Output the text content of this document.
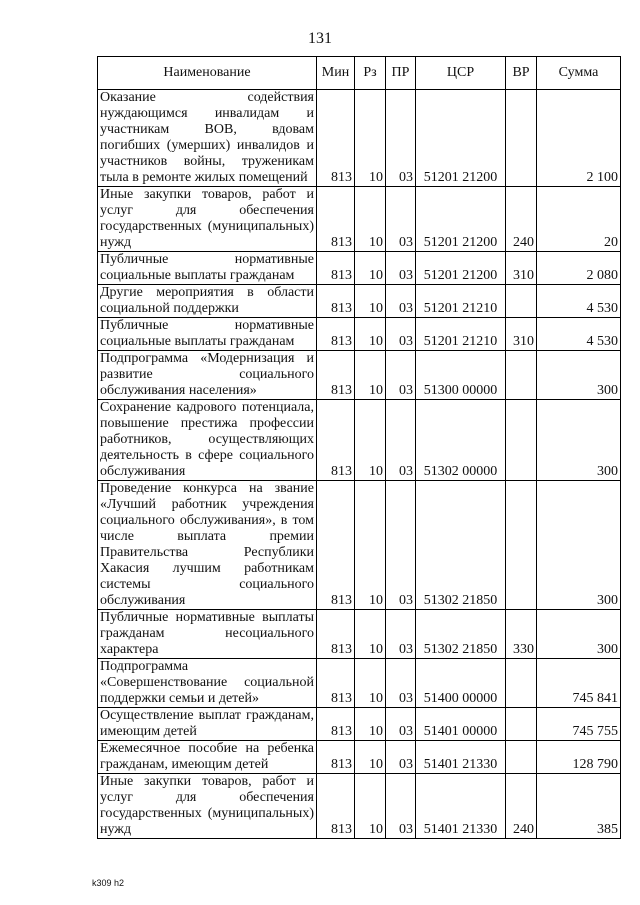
131
Наименование	Мин	Рз	ПР	ЦСР	ВР	Сумма
Оказание содействия нуждающимся инвалидам и участникам ВОВ, вдовам погибших (умерших) инвалидов и участников войны, труженикам тыла в ремонте жилых помещений	813	10	03	51201 21200		2 100
Иные закупки товаров, работ и услуг для обеспечения государственных (муниципальных) нужд	813	10	03	51201 21200	240	20
Публичные нормативные социальные выплаты гражданам	813	10	03	51201 21200	310	2 080
Другие мероприятия в области социальной поддержки	813	10	03	51201 21210		4 530
Публичные нормативные социальные выплаты гражданам	813	10	03	51201 21210	310	4 530
Подпрограмма «Модернизация и развитие социального обслуживания населения»	813	10	03	51300 00000		300
Сохранение кадрового потенциала, повышение престижа профессии работников, осуществляющих деятельность в сфере социального обслуживания	813	10	03	51302 00000		300
Проведение конкурса на звание «Лучший работник учреждения социального обслуживания», в том числе выплата премии Правительства Республики Хакасия лучшим работникам системы социального обслуживания	813	10	03	51302 21850		300
Публичные нормативные выплаты гражданам несоциального характера	813	10	03	51302 21850	330	300
Подпрограмма «Совершенствование социальной поддержки семьи и детей»	813	10	03	51400 00000		745 841
Осуществление выплат гражданам, имеющим детей	813	10	03	51401 00000		745 755
Ежемесячное пособие на ребенка гражданам, имеющим детей	813	10	03	51401 21330		128 790
Иные закупки товаров, работ и услуг для обеспечения государственных (муниципальных) нужд	813	10	03	51401 21330	240	385
k309 h2
